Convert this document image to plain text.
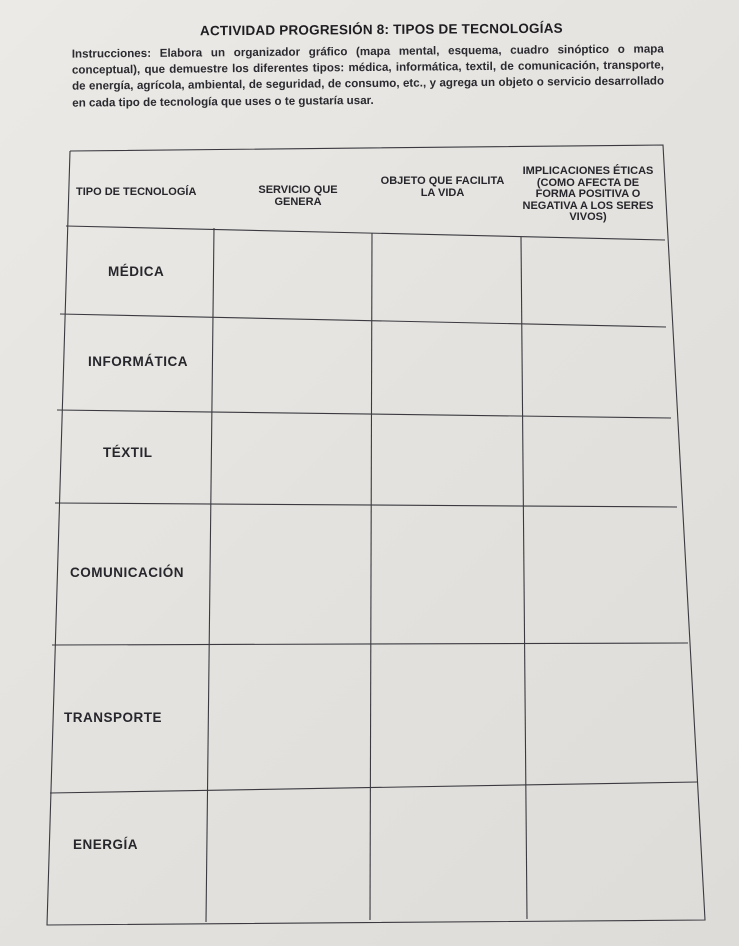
ACTIVIDAD PROGRESIÓN 8: TIPOS DE TECNOLOGÍAS
Instrucciones: Elabora un organizador gráfico (mapa mental, esquema, cuadro sinóptico o mapa conceptual), que demuestre los diferentes tipos: médica, informática, textil, de comunicación, transporte, de energía, agrícola, ambiental, de seguridad, de consumo, etc., y agrega un objeto o servicio desarrollado en cada tipo de tecnología que uses o te gustaría usar.
TIPO DE TECNOLOGÍA	SERVICIO QUE GENERA
OBJETO QUE FACILITA LA VIDA
IMPLICACIONES ÉTICAS (COMO AFECTA DE FORMA POSITIVA O NEGATIVA A LOS SERES VIVOS)
MÉDICA
INFORMÁTICA
TÉXTIL
COMUNICACIÓN
TRANSPORTE
ENERGÍA
